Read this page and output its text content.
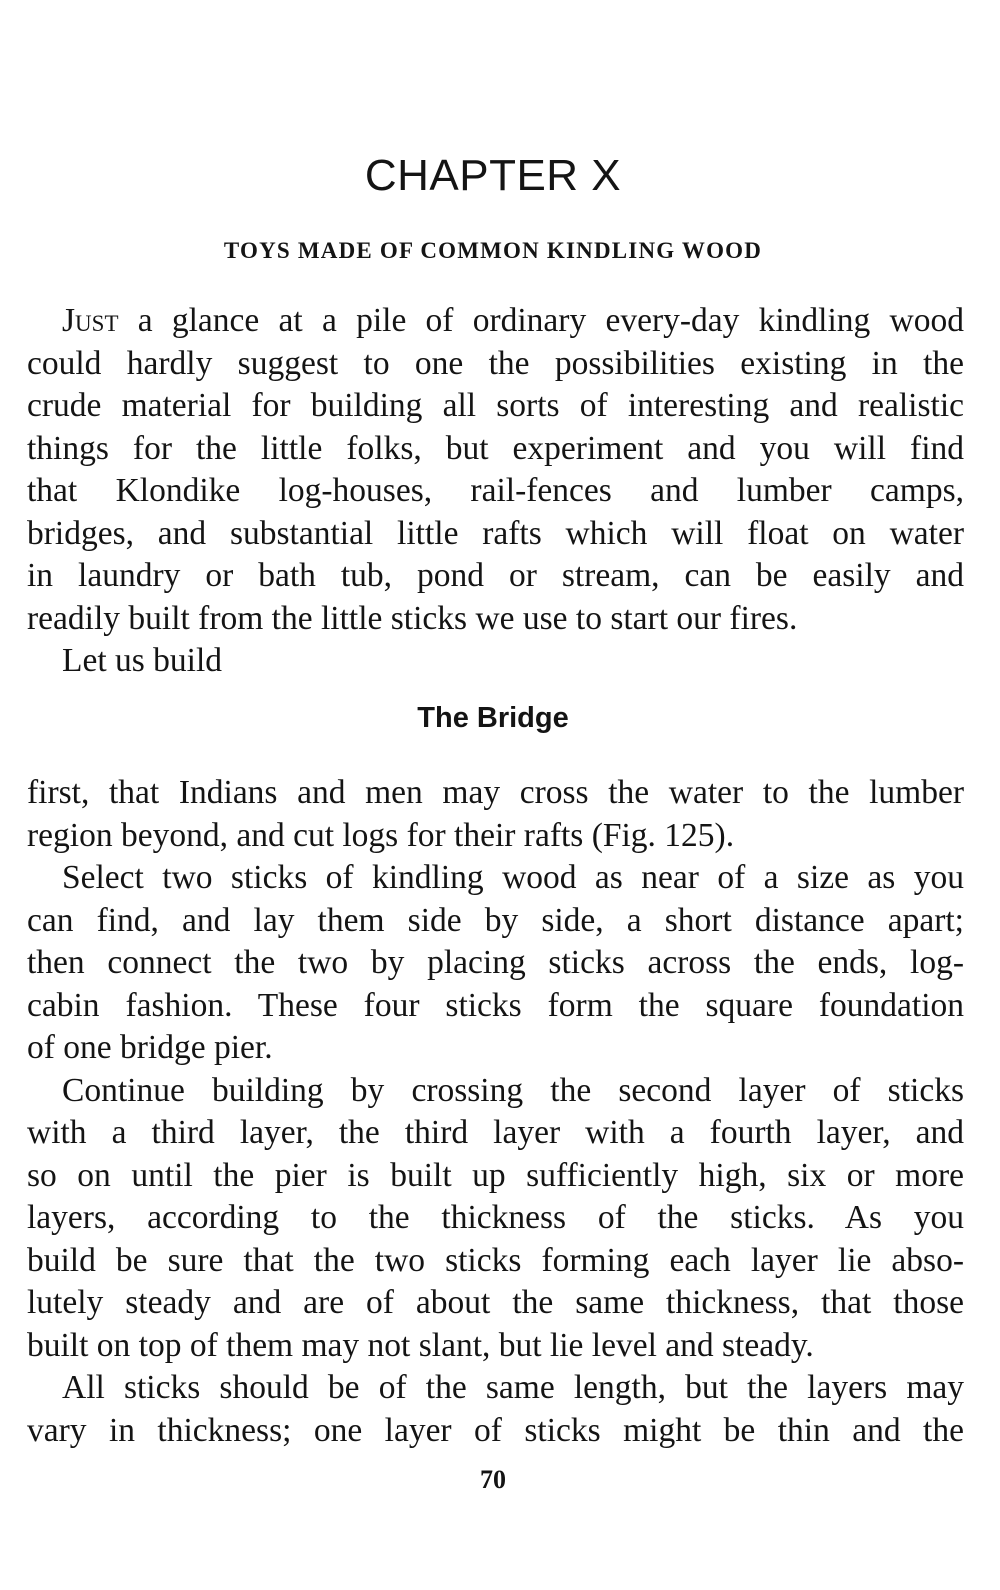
CHAPTER X
TOYS MADE OF COMMON KINDLING WOOD

Just a glance at a pile of ordinary every-day kindling wood
could hardly suggest to one the possibilities existing in the
crude material for building all sorts of interesting and realistic
things for the little folks, but experiment and you will find
that Klondike log-houses, rail-fences and lumber camps,
bridges, and substantial little rafts which will float on water
in laundry or bath tub, pond or stream, can be easily and
readily built from the little sticks we use to start our fires.
Let us build

The Bridge

first, that Indians and men may cross the water to the lumber
region beyond, and cut logs for their rafts (Fig. 125).
Select two sticks of kindling wood as near of a size as you
can find, and lay them side by side, a short distance apart;
then connect the two by placing sticks across the ends, log-
cabin fashion. These four sticks form the square foundation
of one bridge pier.
Continue building by crossing the second layer of sticks
with a third layer, the third layer with a fourth layer, and
so on until the pier is built up sufficiently high, six or more
layers, according to the thickness of the sticks. As you
build be sure that the two sticks forming each layer lie abso-
lutely steady and are of about the same thickness, that those
built on top of them may not slant, but lie level and steady.
All sticks should be of the same length, but the layers may
vary in thickness; one layer of sticks might be thin and the

70
